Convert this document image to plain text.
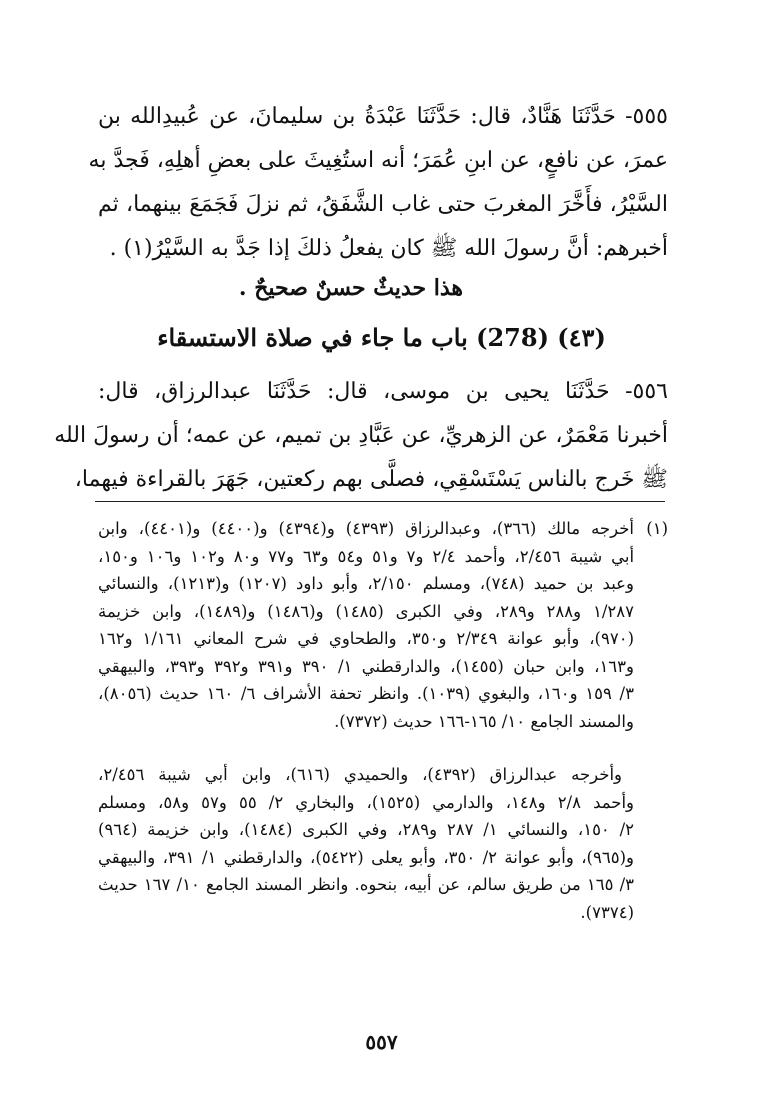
٥٥٥- حَدَّثَنَا هَنَّادٌ، قال: حَدَّثَنَا عَبْدَةُ بن سليمانَ، عن عُبيدِالله بن
عمرَ، عن نافعٍ، عن ابنِ عُمَرَ؛ أنه استُغِيثَ على بعضِ أهلِهِ، فَجدَّ به
السَّيْرُ، فأَخَّرَ المغربَ حتى غاب الشَّفَقُ، ثم نزلَ فَجَمَعَ بينهما، ثم
أخبرهم: أنَّ رسولَ الله ﷺ كان يفعلُ ذلكَ إذا جَدَّ به السَّيْرُ(١) .
هذا حديثٌ حسنٌ صحيحٌ .
(٤٣) (278) باب ما جاء في صلاة الاستسقاء
٥٥٦- حَدَّثَنَا يحيى بن موسى، قال: حَدَّثَنَا عبدالرزاق، قال:
أخبرنا مَعْمَرٌ، عن الزهريِّ، عن عَبَّادِ بن تميم، عن عمه؛ أن رسولَ الله
ﷺ خَرج بالناس يَسْتَسْقِي، فصلَّى بهم ركعتين، جَهَرَ بالقراءة فيهما،
(١)أخرجه مالك (٣٦٦)، وعبدالرزاق (٤٣٩٣) و(٤٣٩٤) و(٤٤٠٠) و(٤٤٠١)، وابن
أبي شيبة ٢/٤٥٦، وأحمد ٢/٤ و٧ و٥١ و٥٤ و٦٣ و٧٧ و٨٠ و١٠٢ و١٠٦ و١٥٠،
وعبد بن حميد (٧٤٨)، ومسلم ٢/١٥٠، وأبو داود (١٢٠٧) و(١٢١٣)، والنسائي
١/٢٨٧ و٢٨٨ و٢٨٩، وفي الكبرى (١٤٨٥) و(١٤٨٦) و(١٤٨٩)، وابن خزيمة
(٩٧٠)، وأبو عوانة ٢/٣٤٩ و٣٥٠، والطحاوي في شرح المعاني ١/١٦١ و١٦٢
و١٦٣، وابن حبان (١٤٥٥)، والدارقطني ١/ ٣٩٠ و٣٩١ و٣٩٢ و٣٩٣، والبيهقي
٣/ ١٥٩ و١٦٠، والبغوي (١٠٣٩). وانظر تحفة الأشراف ٦/ ١٦٠ حديث (٨٠٥٦)،
والمسند الجامع ١٠/ ١٦٥-١٦٦ حديث (٧٣٧٢).
وأخرجه عبدالرزاق (٤٣٩٢)، والحميدي (٦١٦)، وابن أبي شيبة ٢/٤٥٦،
وأحمد ٢/٨ و١٤٨، والدارمي (١٥٢٥)، والبخاري ٢/ ٥٥ و٥٧ و٥٨، ومسلم
٢/ ١٥٠، والنسائي ١/ ٢٨٧ و٢٨٩، وفي الكبرى (١٤٨٤)، وابن خزيمة (٩٦٤)
و(٩٦٥)، وأبو عوانة ٢/ ٣٥٠، وأبو يعلى (٥٤٢٢)، والدارقطني ١/ ٣٩١، والبيهقي
٣/ ١٦٥ من طريق سالم، عن أبيه، بنحوه. وانظر المسند الجامع ١٠/ ١٦٧ حديث
(٧٣٧٤).
٥٥٧
